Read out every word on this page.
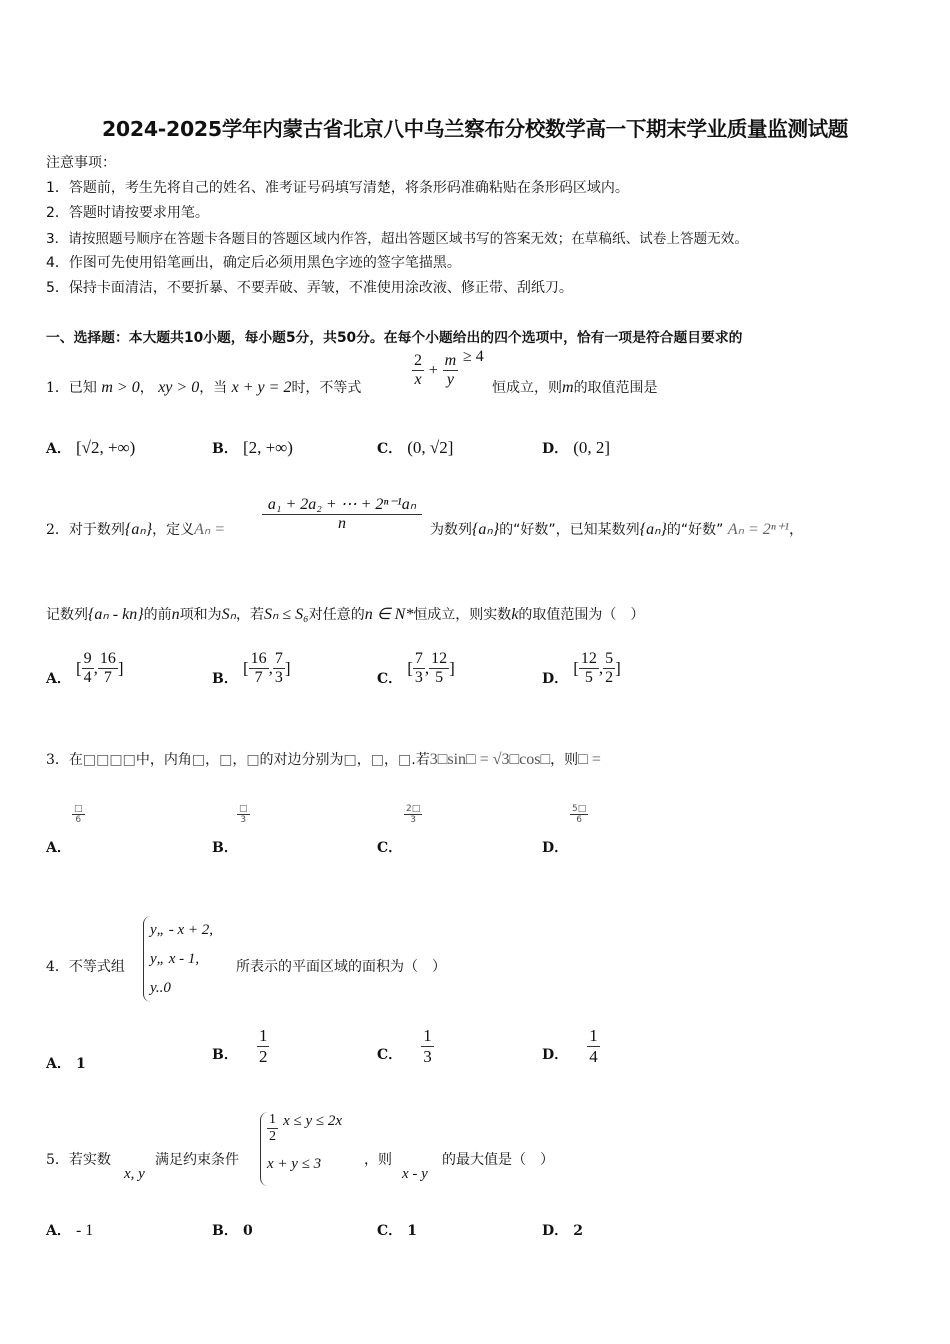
2024-2025学年内蒙古省北京八中乌兰察布分校数学高一下期末学业质量监测试题
注意事项：
1．答题前，考生先将自己的姓名、准考证号码填写清楚，将条形码准确粘贴在条形码区域内。
2．答题时请按要求用笔。
3．请按照题号顺序在答题卡各题目的答题区域内作答，超出答题区域书写的答案无效；在草稿纸、试卷上答题无效。
4．作图可先使用铅笔画出，确定后必须用黑色字迹的签字笔描黑。
5．保持卡面清洁，不要折暴、不要弄破、弄皱，不准使用涂改液、修正带、刮纸刀。
一、选择题：本大题共10小题，每小题5分，共50分。在每个小题给出的四个选项中，恰有一项是符合题目要求的
1．已知 m > 0， xy > 0，当 x + y = 2时，不等式	$\frac{2}{x} + \frac{m}{y} \ge 4$
恒成立，则m的取值范围是
A． [√2, +∞)	B． [2, +∞)	C． (0, √2]	D． (0, 2]
2．对于数列{aₙ}，定义$A_n = \frac{\text{a₁ + 2a₂ + ⋯ + 2ⁿ⁻¹aₙ}}{n}$ 为数列{aₙ}的“好数”，已知某数列{aₙ}的“好数” Aₙ = 2ⁿ⁺¹，
记数列{aₙ - kn}的前n项和为Sₙ，若Sₙ ≤ S₆对任意的n ∈ N*恒成立，则实数k的取值范围为（　）
A． [ $\frac{9}{4}$ , $\frac{16}{7}$ ]
B． [ $\frac{16}{7}$ , $\frac{7}{3}$ ]
C． [ $\frac{7}{3}$ , $\frac{12}{5}$ ]
D． [ $\frac{12}{5}$ , $\frac{5}{2}$ ]
3．在□□□□中，内角□，□，□的对边分别为□，□，□.若3□sin□ = √3□cos□，则□ =
$\frac{□}{6}$	$\frac{□}{3}$	$\frac{2□}{3}$	$\frac{5□}{6}$
A．	B．	C．	D．
4．不等式组
y„ - x + 2,
y„ x - 1,
y..0
所表示的平面区域的面积为（　）
A． 1
B． $\frac{1}{2}$	C． $\frac{1}{3}$	D． $\frac{1}{4}$
5．若实数
x, y
满足约束条件
$\frac{1}{2}$ x ≤ y ≤ 2x
x + y ≤ 3	，则
x - y
的最大值是（　）
A． - 1	B． 0	C． 1	D． 2
